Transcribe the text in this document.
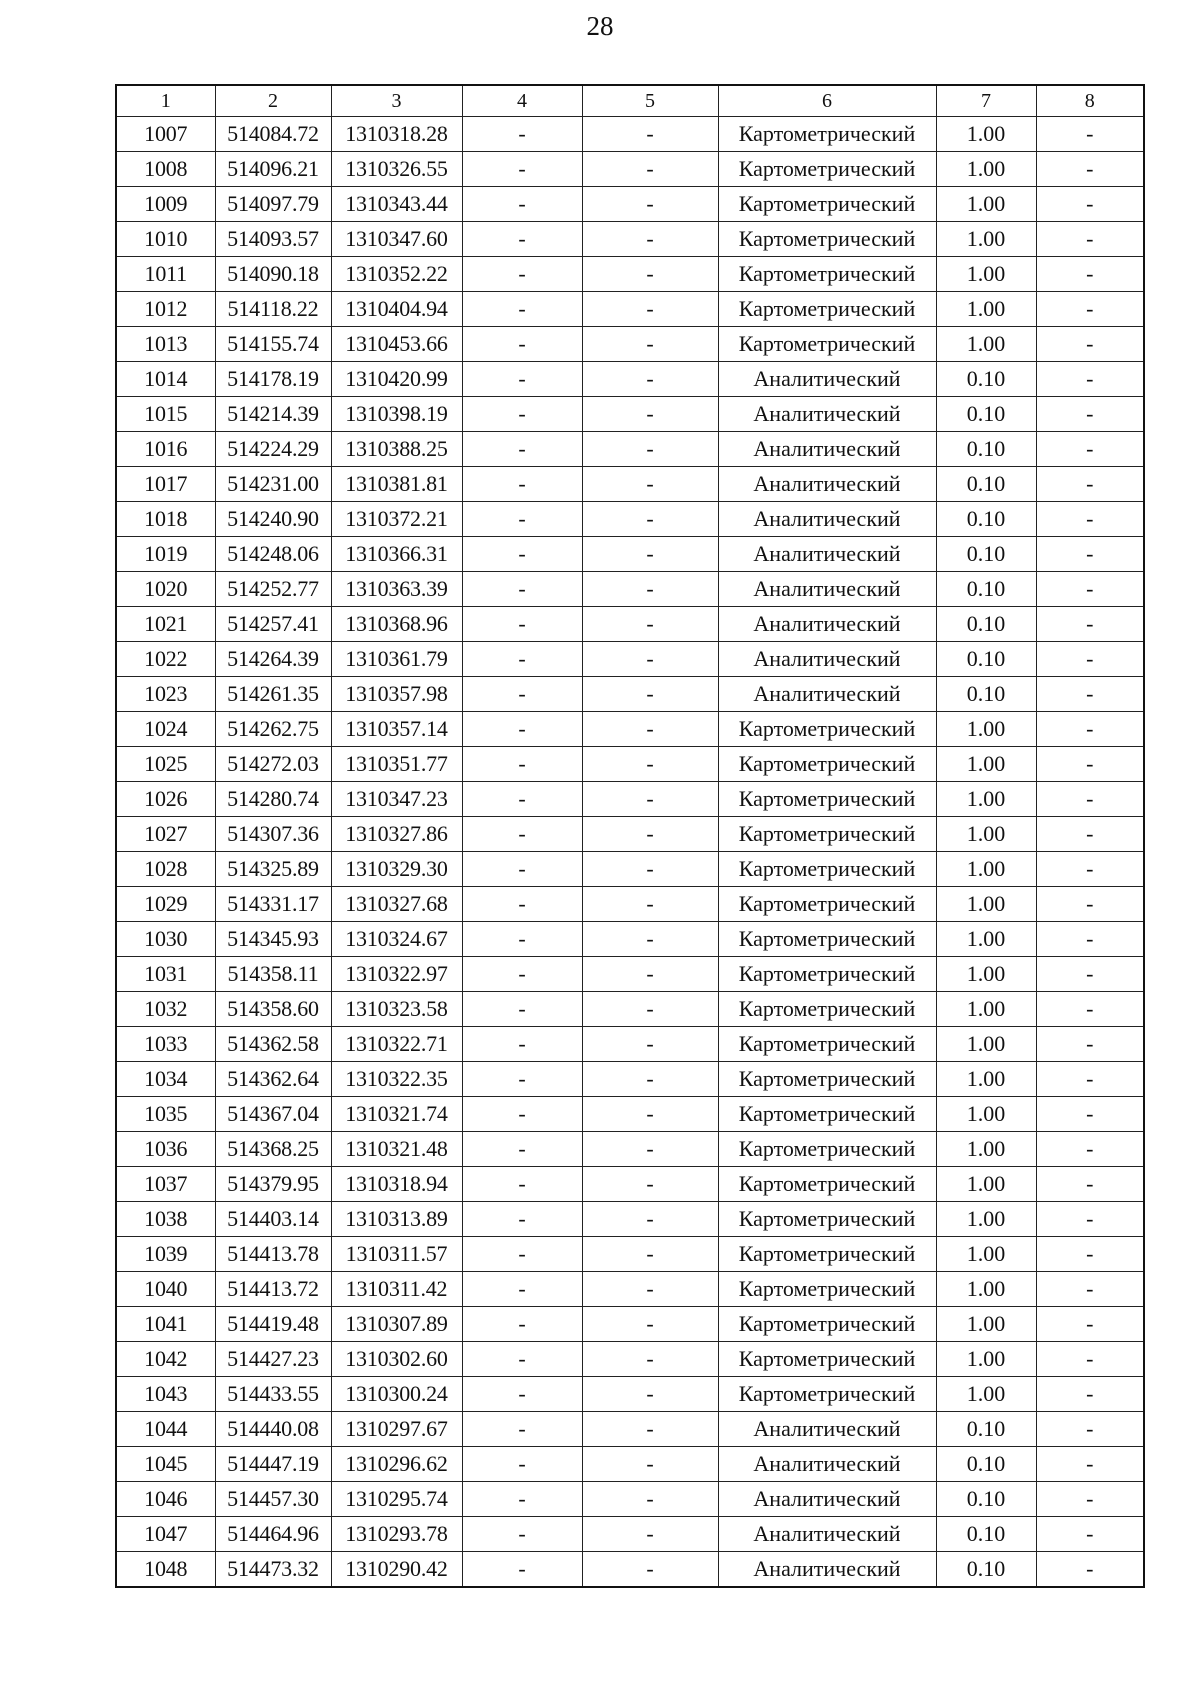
28
1	2	3	4	5	6	7	8
1007	514084.72	1310318.28	-	-	Картометрический	1.00	-
1008	514096.21	1310326.55	-	-	Картометрический	1.00	-
1009	514097.79	1310343.44	-	-	Картометрический	1.00	-
1010	514093.57	1310347.60	-	-	Картометрический	1.00	-
1011	514090.18	1310352.22	-	-	Картометрический	1.00	-
1012	514118.22	1310404.94	-	-	Картометрический	1.00	-
1013	514155.74	1310453.66	-	-	Картометрический	1.00	-
1014	514178.19	1310420.99	-	-	Аналитический	0.10	-
1015	514214.39	1310398.19	-	-	Аналитический	0.10	-
1016	514224.29	1310388.25	-	-	Аналитический	0.10	-
1017	514231.00	1310381.81	-	-	Аналитический	0.10	-
1018	514240.90	1310372.21	-	-	Аналитический	0.10	-
1019	514248.06	1310366.31	-	-	Аналитический	0.10	-
1020	514252.77	1310363.39	-	-	Аналитический	0.10	-
1021	514257.41	1310368.96	-	-	Аналитический	0.10	-
1022	514264.39	1310361.79	-	-	Аналитический	0.10	-
1023	514261.35	1310357.98	-	-	Аналитический	0.10	-
1024	514262.75	1310357.14	-	-	Картометрический	1.00	-
1025	514272.03	1310351.77	-	-	Картометрический	1.00	-
1026	514280.74	1310347.23	-	-	Картометрический	1.00	-
1027	514307.36	1310327.86	-	-	Картометрический	1.00	-
1028	514325.89	1310329.30	-	-	Картометрический	1.00	-
1029	514331.17	1310327.68	-	-	Картометрический	1.00	-
1030	514345.93	1310324.67	-	-	Картометрический	1.00	-
1031	514358.11	1310322.97	-	-	Картометрический	1.00	-
1032	514358.60	1310323.58	-	-	Картометрический	1.00	-
1033	514362.58	1310322.71	-	-	Картометрический	1.00	-
1034	514362.64	1310322.35	-	-	Картометрический	1.00	-
1035	514367.04	1310321.74	-	-	Картометрический	1.00	-
1036	514368.25	1310321.48	-	-	Картометрический	1.00	-
1037	514379.95	1310318.94	-	-	Картометрический	1.00	-
1038	514403.14	1310313.89	-	-	Картометрический	1.00	-
1039	514413.78	1310311.57	-	-	Картометрический	1.00	-
1040	514413.72	1310311.42	-	-	Картометрический	1.00	-
1041	514419.48	1310307.89	-	-	Картометрический	1.00	-
1042	514427.23	1310302.60	-	-	Картометрический	1.00	-
1043	514433.55	1310300.24	-	-	Картометрический	1.00	-
1044	514440.08	1310297.67	-	-	Аналитический	0.10	-
1045	514447.19	1310296.62	-	-	Аналитический	0.10	-
1046	514457.30	1310295.74	-	-	Аналитический	0.10	-
1047	514464.96	1310293.78	-	-	Аналитический	0.10	-
1048	514473.32	1310290.42	-	-	Аналитический	0.10	-
